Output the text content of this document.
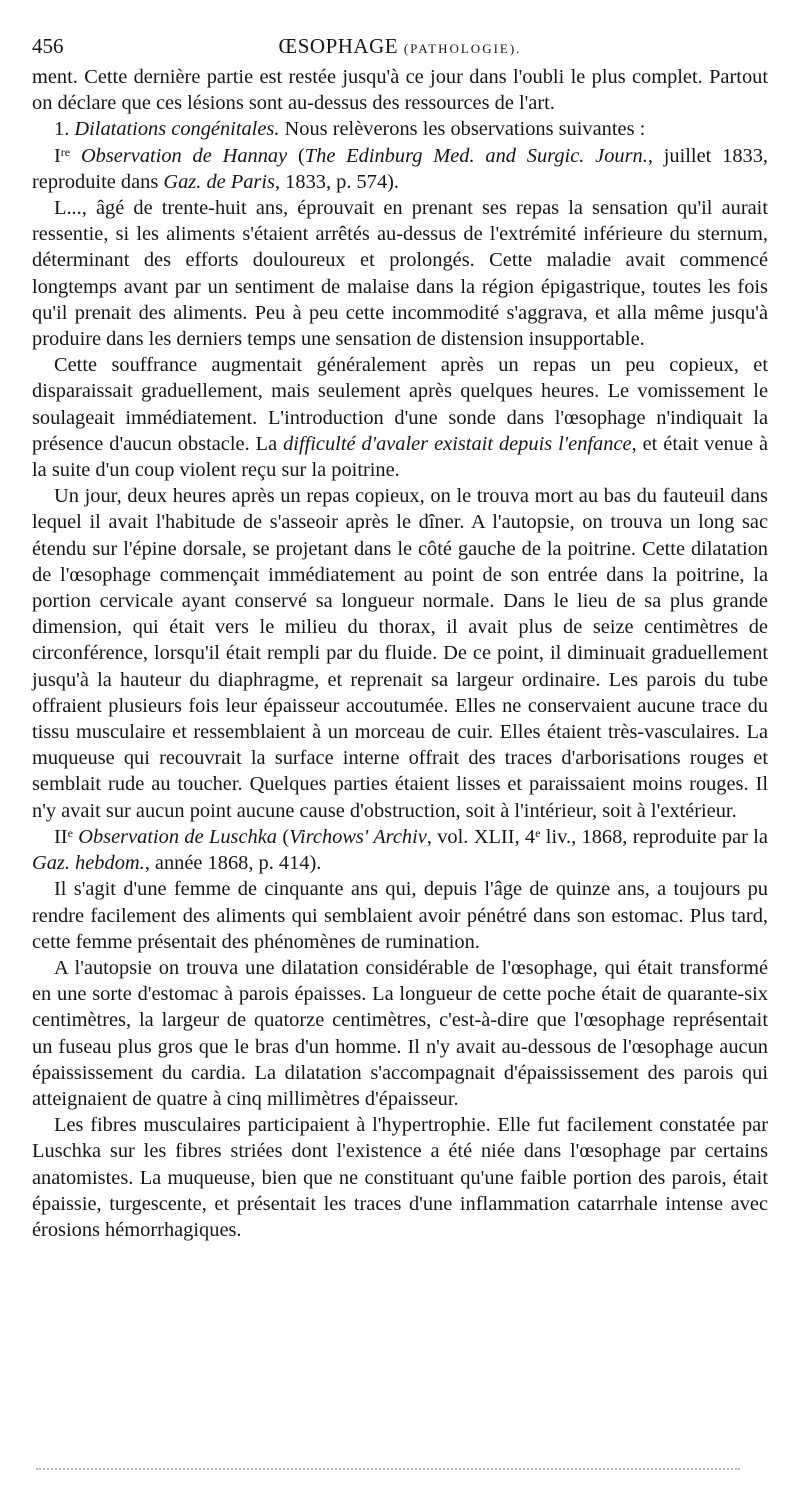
456	ŒSOPHAGE (PATHOLOGIE).

ment. Cette dernière partie est restée jusqu'à ce jour dans l'oubli le plus complet. Partout on déclare que ces lésions sont au-dessus des ressources de l'art.

1. Dilatations congénitales. Nous relèverons les observations suivantes :

Ire Observation de Hannay (The Edinburg Med. and Surgic. Journ., juillet 1833, reproduite dans Gaz. de Paris, 1833, p. 574).

L..., âgé de trente-huit ans, éprouvait en prenant ses repas la sensation qu'il aurait ressentie, si les aliments s'étaient arrêtés au-dessus de l'extrémité inférieure du sternum, déterminant des efforts douloureux et prolongés. Cette maladie avait commencé longtemps avant par un sentiment de malaise dans la région épigastrique, toutes les fois qu'il prenait des aliments. Peu à peu cette incommodité s'aggrava, et alla même jusqu'à produire dans les derniers temps une sensation de distension insupportable.

Cette souffrance augmentait généralement après un repas un peu copieux, et disparaissait graduellement, mais seulement après quelques heures. Le vomissement le soulageait immédiatement. L'introduction d'une sonde dans l'œsophage n'indiquait la présence d'aucun obstacle. La difficulté d'avaler existait depuis l'enfance, et était venue à la suite d'un coup violent reçu sur la poitrine.

Un jour, deux heures après un repas copieux, on le trouva mort au bas du fauteuil dans lequel il avait l'habitude de s'asseoir après le dîner. A l'autopsie, on trouva un long sac étendu sur l'épine dorsale, se projetant dans le côté gauche de la poitrine. Cette dilatation de l'œsophage commençait immédiatement au point de son entrée dans la poitrine, la portion cervicale ayant conservé sa longueur normale. Dans le lieu de sa plus grande dimension, qui était vers le milieu du thorax, il avait plus de seize centimètres de circonférence, lorsqu'il était rempli par du fluide. De ce point, il diminuait graduellement jusqu'à la hauteur du diaphragme, et reprenait sa largeur ordinaire. Les parois du tube offraient plusieurs fois leur épaisseur accoutumée. Elles ne conservaient aucune trace du tissu musculaire et ressemblaient à un morceau de cuir. Elles étaient très-vasculaires. La muqueuse qui recouvrait la surface interne offrait des traces d'arborisations rouges et semblait rude au toucher. Quelques parties étaient lisses et paraissaient moins rouges. Il n'y avait sur aucun point aucune cause d'obstruction, soit à l'intérieur, soit à l'extérieur.

IIe Observation de Luschka (Virchows' Archiv, vol. XLII, 4e liv., 1868, reproduite par la Gaz. hebdom., année 1868, p. 414).

Il s'agit d'une femme de cinquante ans qui, depuis l'âge de quinze ans, a toujours pu rendre facilement des aliments qui semblaient avoir pénétré dans son estomac. Plus tard, cette femme présentait des phénomènes de rumination.

A l'autopsie on trouva une dilatation considérable de l'œsophage, qui était transformé en une sorte d'estomac à parois épaisses. La longueur de cette poche était de quarante-six centimètres, la largeur de quatorze centimètres, c'est-à-dire que l'œsophage représentait un fuseau plus gros que le bras d'un homme. Il n'y avait au-dessous de l'œsophage aucun épaississement du cardia. La dilatation s'accompagnait d'épaississement des parois qui atteignaient de quatre à cinq millimètres d'épaisseur.

Les fibres musculaires participaient à l'hypertrophie. Elle fut facilement constatée par Luschka sur les fibres striées dont l'existence a été niée dans l'œsophage par certains anatomistes. La muqueuse, bien que ne constituant qu'une faible portion des parois, était épaissie, turgescente, et présentait les traces d'une inflammation catarrhale intense avec érosions hémorrhagiques.
